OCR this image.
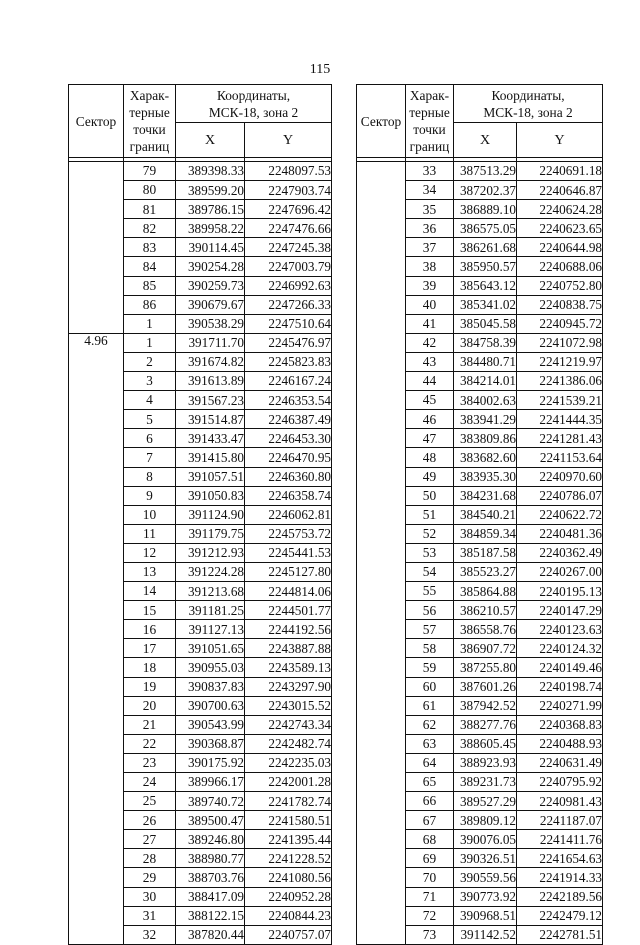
115
Сектор	Харак-
терные
точки
границ	Координаты,
МСК-18, зона 2	
		X	Y

	79	389398.33	2248097.53
	80	389599.20	2247903.74
	81	389786.15	2247696.42
	82	389958.22	2247476.66
	83	390114.45	2247245.38
	84	390254.28	2247003.79
	85	390259.73	2246992.63
	86	390679.67	2247266.33
	1	390538.29	2247510.64
4.96	1	391711.70	2245476.97
	2	391674.82	2245823.83
	3	391613.89	2246167.24
	4	391567.23	2246353.54
	5	391514.87	2246387.49
	6	391433.47	2246453.30
	7	391415.80	2246470.95
	8	391057.51	2246360.80
	9	391050.83	2246358.74
	10	391124.90	2246062.81
	11	391179.75	2245753.72
	12	391212.93	2245441.53
	13	391224.28	2245127.80
	14	391213.68	2244814.06
	15	391181.25	2244501.77
	16	391127.13	2244192.56
	17	391051.65	2243887.88
	18	390955.03	2243589.13
	19	390837.83	2243297.90
	20	390700.63	2243015.52
	21	390543.99	2242743.34
	22	390368.87	2242482.74
	23	390175.92	2242235.03
	24	389966.17	2242001.28
	25	389740.72	2241782.74
	26	389500.47	2241580.51
	27	389246.80	2241395.44
	28	388980.77	2241228.52
	29	388703.76	2241080.56
	30	388417.09	2240952.28
	31	388122.15	2240844.23
	32	387820.44	2240757.07
Сектор	Харак-
терные
точки
границ	Координаты,
МСК-18, зона 2	
		X	Y

	33	387513.29	2240691.18
	34	387202.37	2240646.87
	35	386889.10	2240624.28
	36	386575.05	2240623.65
	37	386261.68	2240644.98
	38	385950.57	2240688.06
	39	385643.12	2240752.80
	40	385341.02	2240838.75
	41	385045.58	2240945.72
	42	384758.39	2241072.98
	43	384480.71	2241219.97
	44	384214.01	2241386.06
	45	384002.63	2241539.21
	46	383941.29	2241444.35
	47	383809.86	2241281.43
	48	383682.60	2241153.64
	49	383935.30	2240970.60
	50	384231.68	2240786.07
	51	384540.21	2240622.72
	52	384859.34	2240481.36
	53	385187.58	2240362.49
	54	385523.27	2240267.00
	55	385864.88	2240195.13
	56	386210.57	2240147.29
	57	386558.76	2240123.63
	58	386907.72	2240124.32
	59	387255.80	2240149.46
	60	387601.26	2240198.74
	61	387942.52	2240271.99
	62	388277.76	2240368.83
	63	388605.45	2240488.93
	64	388923.93	2240631.49
	65	389231.73	2240795.92
	66	389527.29	2240981.43
	67	389809.12	2241187.07
	68	390076.05	2241411.76
	69	390326.51	2241654.63
	70	390559.56	2241914.33
	71	390773.92	2242189.56
	72	390968.51	2242479.12
	73	391142.52	2242781.51
